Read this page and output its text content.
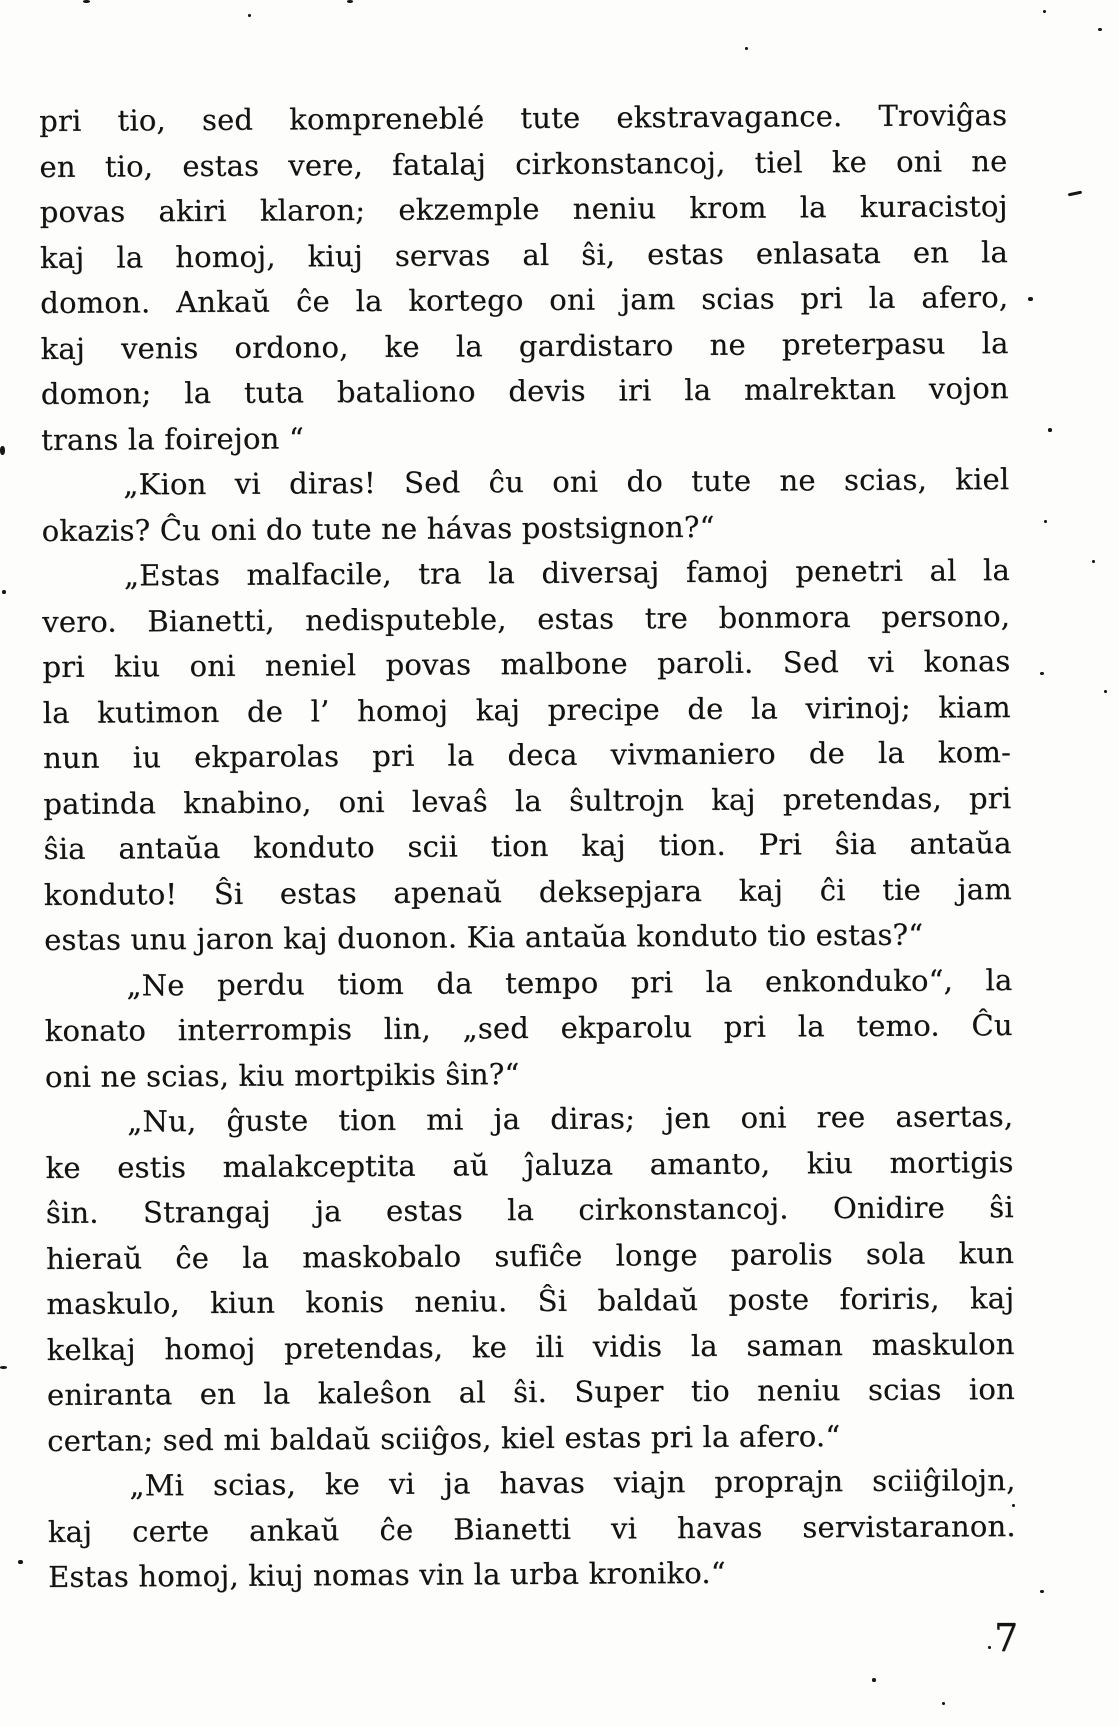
pri tio, sed kompreneblé tute ekstravagance. Troviĝas
en tio, estas vere, fatalaj cirkonstancoj, tiel ke oni ne
povas akiri klaron; ekzemple neniu krom la kuracistoj
kaj la homoj, kiuj servas al ŝi, estas enlasata en la
domon. Ankaŭ ĉe la kortego oni jam scias pri la afero,
kaj venis ordono, ke la gardistaro ne preterpasu la
domon; la tuta bataliono devis iri la malrektan vojon
trans la foirejon “
„Kion vi diras! Sed ĉu oni do tute ne scias, kiel
okazis? Ĉu oni do tute ne hávas postsignon?“
„Estas malfacile, tra la diversaj famoj penetri al la
vero. Bianetti, nedisputeble, estas tre bonmora persono,
pri kiu oni neniel povas malbone paroli. Sed vi konas
la kutimon de l’ homoj kaj precipe de la virinoj; kiam
nun iu ekparolas pri la deca vivmaniero de la kom-
patinda knabino, oni levaŝ la ŝultrojn kaj pretendas, pri
ŝia antaŭa konduto scii tion kaj tion. Pri ŝia antaŭa
konduto! Ŝi estas apenaŭ deksepjara kaj ĉi tie jam
estas unu jaron kaj duonon. Kia antaŭa konduto tio estas?“
„Ne perdu tiom da tempo pri la enkonduko“, la
konato interrompis lin, „sed ekparolu pri la temo. Ĉu
oni ne scias, kiu mortpikis ŝin?“
„Nu, ĝuste tion mi ja diras; jen oni ree asertas,
ke estis malakceptita aŭ ĵaluza amanto, kiu mortigis
ŝin. Strangaj ja estas la cirkonstancoj. Onidire ŝi
hieraŭ ĉe la maskobalo sufiĉe longe parolis sola kun
maskulo, kiun konis neniu. Ŝi baldaŭ poste foriris, kaj
kelkaj homoj pretendas, ke ili vidis la saman maskulon
eniranta en la kaleŝon al ŝi. Super tio neniu scias ion
certan; sed mi baldaŭ sciiĝos, kiel estas pri la afero.“
„Mi scias, ke vi ja havas viajn proprajn sciiĝilojn,
kaj certe ankaŭ ĉe Bianetti vi havas servistaranon.
Estas homoj, kiuj nomas vin la urba kroniko.“
7
